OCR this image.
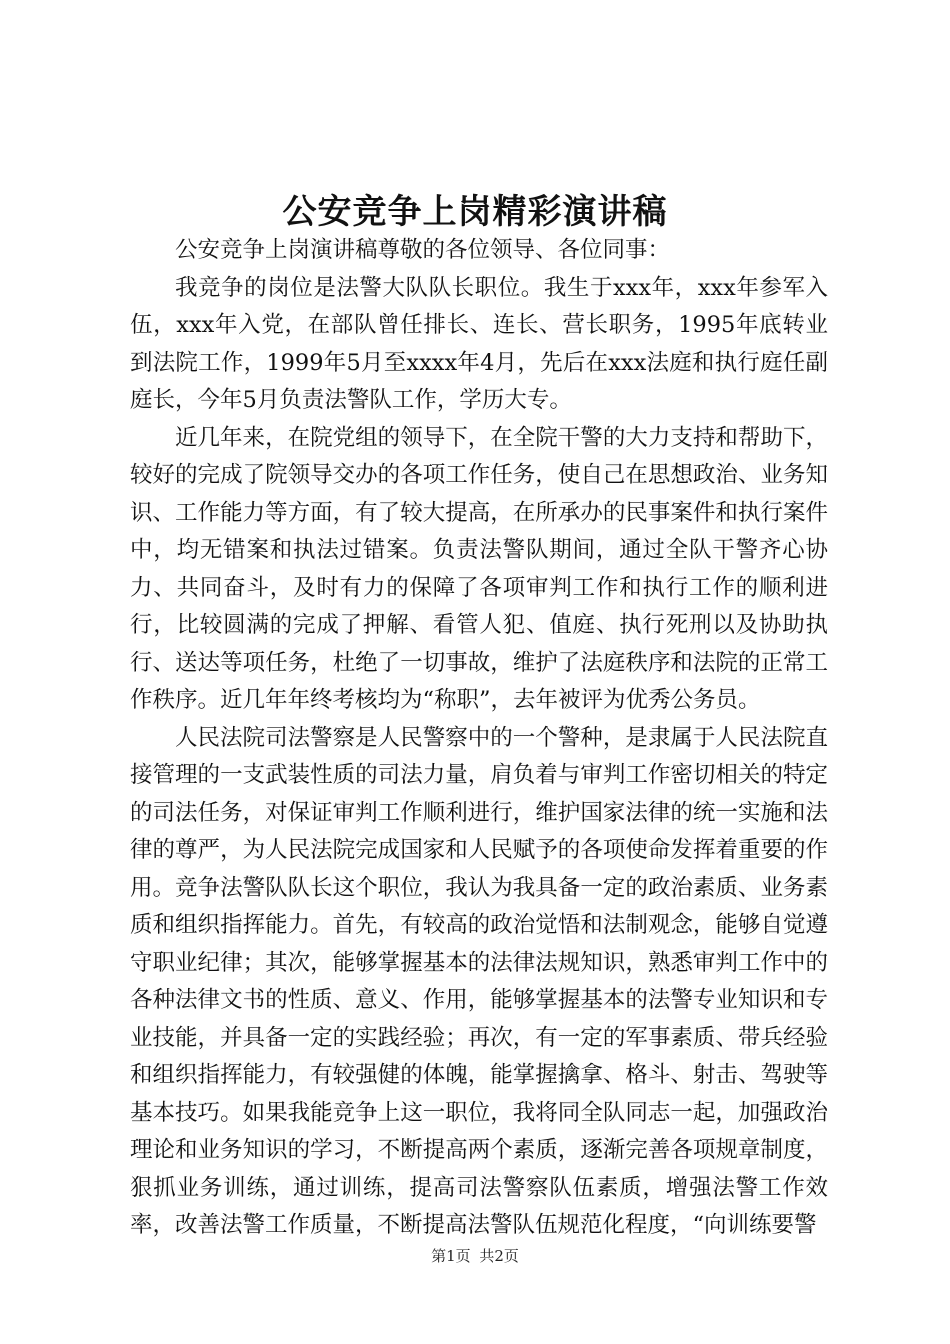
公安竞争上岗精彩演讲稿

公安竞争上岗演讲稿尊敬的各位领导、各位同事：

我竞争的岗位是法警大队队长职位。我生于xxx年，xxx年参军入伍，xxx年入党，在部队曾任排长、连长、营长职务，1995年底转业到法院工作，1999年5月至xxxx年4月，先后在xxx法庭和执行庭任副庭长，今年5月负责法警队工作，学历大专。

近几年来，在院党组的领导下，在全院干警的大力支持和帮助下，较好的完成了院领导交办的各项工作任务，使自己在思想政治、业务知识、工作能力等方面，有了较大提高，在所承办的民事案件和执行案件中，均无错案和执法过错案。负责法警队期间，通过全队干警齐心协力、共同奋斗，及时有力的保障了各项审判工作和执行工作的顺利进行，比较圆满的完成了押解、看管人犯、值庭、执行死刑以及协助执行、送达等项任务，杜绝了一切事故，维护了法庭秩序和法院的正常工作秩序。近几年年终考核均为“称职”，去年被评为优秀公务员。

人民法院司法警察是人民警察中的一个警种，是隶属于人民法院直接管理的一支武装性质的司法力量，肩负着与审判工作密切相关的特定的司法任务，对保证审判工作顺利进行，维护国家法律的统一实施和法律的尊严，为人民法院完成国家和人民赋予的各项使命发挥着重要的作用。竞争法警队队长这个职位，我认为我具备一定的政治素质、业务素质和组织指挥能力。首先，有较高的政治觉悟和法制观念，能够自觉遵守职业纪律；其次，能够掌握基本的法律法规知识，熟悉审判工作中的各种法律文书的性质、意义、作用，能够掌握基本的法警专业知识和专业技能，并具备一定的实践经验；再次，有一定的军事素质、带兵经验和组织指挥能力，有较强健的体魄，能掌握擒拿、格斗、射击、驾驶等基本技巧。如果我能竞争上这一职位，我将同全队同志一起，加强政治理论和业务知识的学习，不断提高两个素质，逐渐完善各项规章制度，狠抓业务训练，通过训练，提高司法警察队伍素质，增强法警工作效率，改善法警工作质量，不断提高法警队伍规范化程度，“向训练要警

第1页 共2页
